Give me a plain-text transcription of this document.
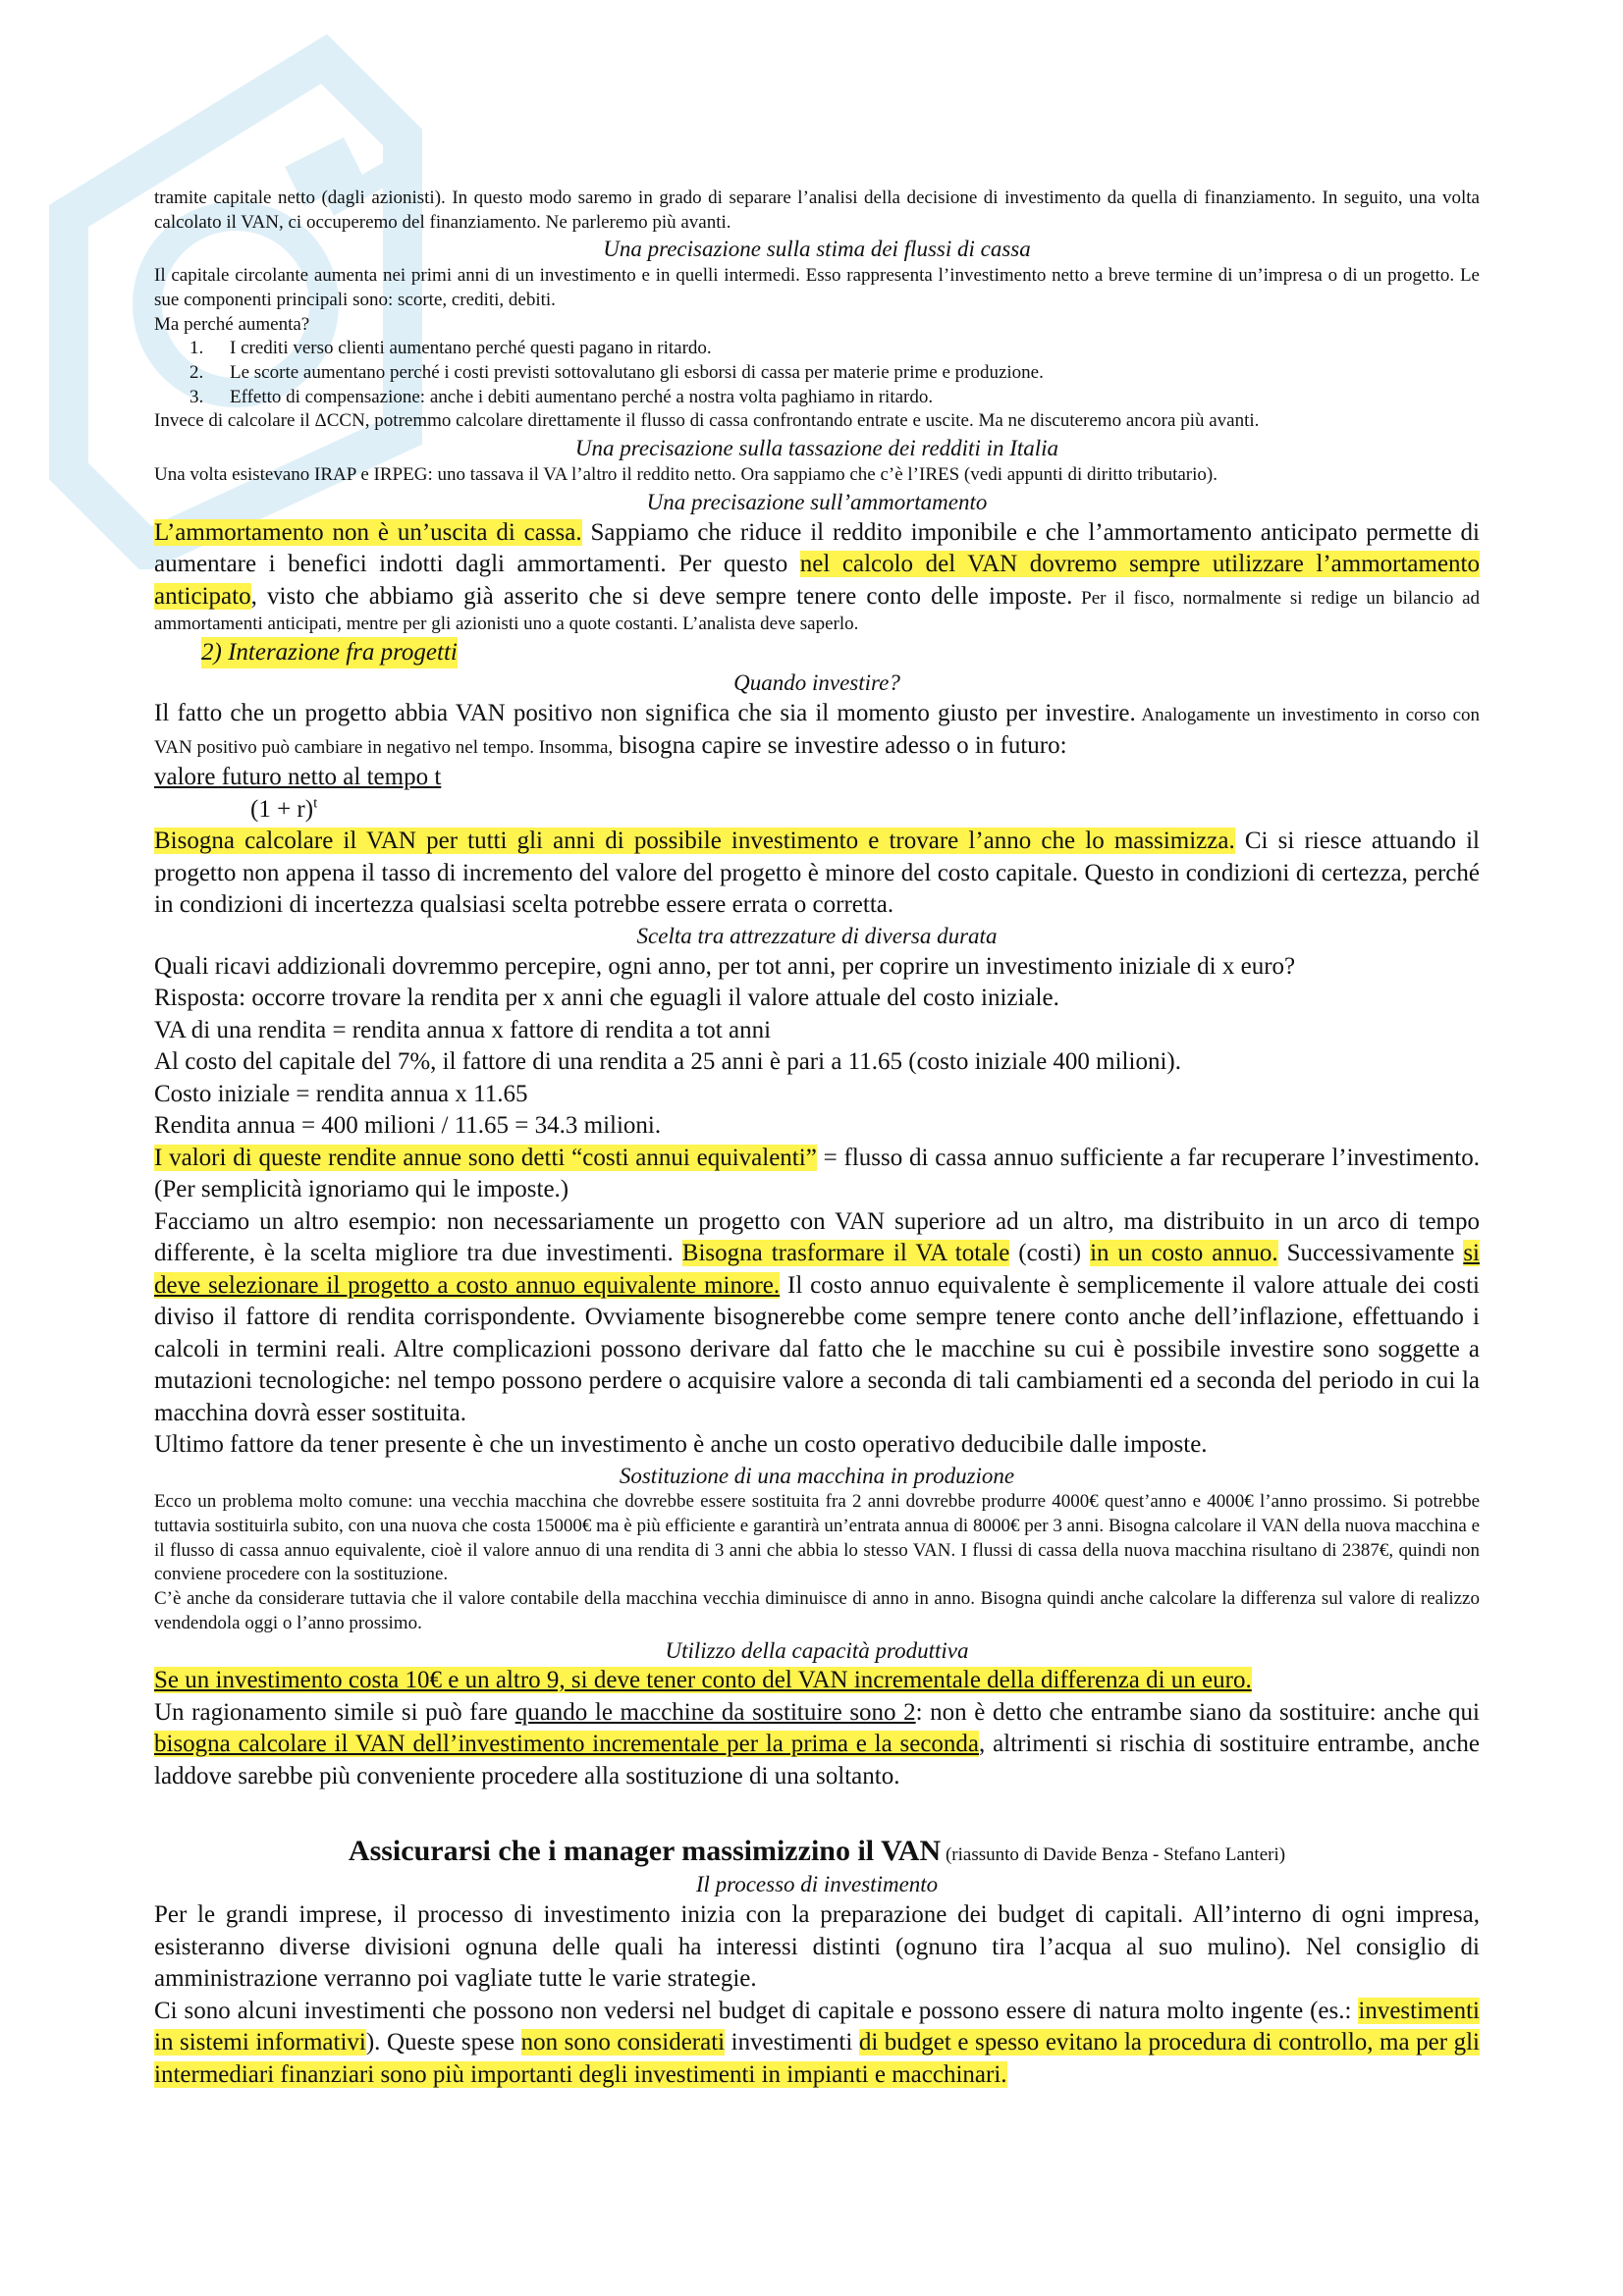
tramite capitale netto (dagli azionisti). In questo modo saremo in grado di separare l’analisi della decisione di investimento da quella di finanziamento. In seguito, una volta calcolato il VAN, ci occuperemo del finanziamento. Ne parleremo più avanti.

Una precisazione sulla stima dei flussi di cassa

Il capitale circolante aumenta nei primi anni di un investimento e in quelli intermedi. Esso rappresenta l’investimento netto a breve termine di un’impresa o di un progetto. Le sue componenti principali sono: scorte, crediti, debiti.

Ma perché aumenta?

1. I crediti verso clienti aumentano perché questi pagano in ritardo.
2. Le scorte aumentano perché i costi previsti sottovalutano gli esborsi di cassa per materie prime e produzione.
3. Effetto di compensazione: anche i debiti aumentano perché a nostra volta paghiamo in ritardo.

Invece di calcolare il ΔCCN, potremmo calcolare direttamente il flusso di cassa confrontando entrate e uscite. Ma ne discuteremo ancora più avanti.

Una precisazione sulla tassazione dei redditi in Italia

Una volta esistevano IRAP e IRPEG: uno tassava il VA l’altro il reddito netto. Ora sappiamo che c’è l’IRES (vedi appunti di diritto tributario).

Una precisazione sull’ammortamento

L’ammortamento non è un’uscita di cassa. Sappiamo che riduce il reddito imponibile e che l’ammortamento anticipato permette di aumentare i benefici indotti dagli ammortamenti. Per questo nel calcolo del VAN dovremo sempre utilizzare l’ammortamento anticipato, visto che abbiamo già asserito che si deve sempre tenere conto delle imposte. Per il fisco, normalmente si redige un bilancio ad ammortamenti anticipati, mentre per gli azionisti uno a quote costanti. L’analista deve saperlo.

2) Interazione fra progetti
Quando investire?

Il fatto che un progetto abbia VAN positivo non significa che sia il momento giusto per investire. Analogamente un investimento in corso con VAN positivo può cambiare in negativo nel tempo. Insomma, bisogna capire se investire adesso o in futuro:

valore futuro netto al tempo t
$(1 + r)^t$

Bisogna calcolare il VAN per tutti gli anni di possibile investimento e trovare l’anno che lo massimizza. Ci si riesce attuando il progetto non appena il tasso di incremento del valore del progetto è minore del costo capitale. Questo in condizioni di certezza, perché in condizioni di incertezza qualsiasi scelta potrebbe essere errata o corretta.

Scelta tra attrezzature di diversa durata

Quali ricavi addizionali dovremmo percepire, ogni anno, per tot anni, per coprire un investimento iniziale di x euro?

Risposta: occorre trovare la rendita per x anni che eguagli il valore attuale del costo iniziale.

VA di una rendita = rendita annua x fattore di rendita a tot anni

Al costo del capitale del 7%, il fattore di una rendita a 25 anni è pari a 11.65 (costo iniziale 400 milioni).

Costo iniziale = rendita annua x 11.65

Rendita annua = 400 milioni / 11.65 = 34.3 milioni.

I valori di queste rendite annue sono detti “costi annui equivalenti” = flusso di cassa annuo sufficiente a far recuperare l’investimento. (Per semplicità ignoriamo qui le imposte.)

Facciamo un altro esempio: non necessariamente un progetto con VAN superiore ad un altro, ma distribuito in un arco di tempo differente, è la scelta migliore tra due investimenti. Bisogna trasformare il VA totale (costi) in un costo annuo. Successivamente si deve selezionare il progetto a costo annuo equivalente minore. Il costo annuo equivalente è semplicemente il valore attuale dei costi diviso il fattore di rendita corrispondente. Ovviamente bisognerebbe come sempre tenere conto anche dell’inflazione, effettuando i calcoli in termini reali. Altre complicazioni possono derivare dal fatto che le macchine su cui è possibile investire sono soggette a mutazioni tecnologiche: nel tempo possono perdere o acquisire valore a seconda di tali cambiamenti ed a seconda del periodo in cui la macchina dovrà esser sostituita.

Ultimo fattore da tener presente è che un investimento è anche un costo operativo deducibile dalle imposte.

Sostituzione di una macchina in produzione

Ecco un problema molto comune: una vecchia macchina che dovrebbe essere sostituita fra 2 anni dovrebbe produrre 4000€ quest’anno e 4000€ l’anno prossimo. Si potrebbe tuttavia sostituirla subito, con una nuova che costa 15000€ ma è più efficiente e garantirà un’entrata annua di 8000€ per 3 anni. Bisogna calcolare il VAN della nuova macchina e il flusso di cassa annuo equivalente, cioè il valore annuo di una rendita di 3 anni che abbia lo stesso VAN. I flussi di cassa della nuova macchina risultano di 2387€, quindi non conviene procedere con la sostituzione.

C’è anche da considerare tuttavia che il valore contabile della macchina vecchia diminuisce di anno in anno. Bisogna quindi anche calcolare la differenza sul valore di realizzo vendendola oggi o l’anno prossimo.

Utilizzo della capacità produttiva

Se un investimento costa 10€ e un altro 9, si deve tener conto del VAN incrementale della differenza di un euro.

Un ragionamento simile si può fare quando le macchine da sostituire sono 2: non è detto che entrambe siano da sostituire: anche qui bisogna calcolare il VAN dell’investimento incrementale per la prima e la seconda, altrimenti si rischia di sostituire entrambe, anche laddove sarebbe più conveniente procedere alla sostituzione di una soltanto.

Assicurarsi che i manager massimizzino il VAN (riassunto di Davide Benza - Stefano Lanteri)
Il processo di investimento

Per le grandi imprese, il processo di investimento inizia con la preparazione dei budget di capitali. All’interno di ogni impresa, esisteranno diverse divisioni ognuna delle quali ha interessi distinti (ognuno tira l’acqua al suo mulino). Nel consiglio di amministrazione verranno poi vagliate tutte le varie strategie.

Ci sono alcuni investimenti che possono non vedersi nel budget di capitale e possono essere di natura molto ingente (es.: investimenti in sistemi informativi). Queste spese non sono considerati investimenti di budget e spesso evitano la procedura di controllo, ma per gli intermediari finanziari sono più importanti degli investimenti in impianti e macchinari.
